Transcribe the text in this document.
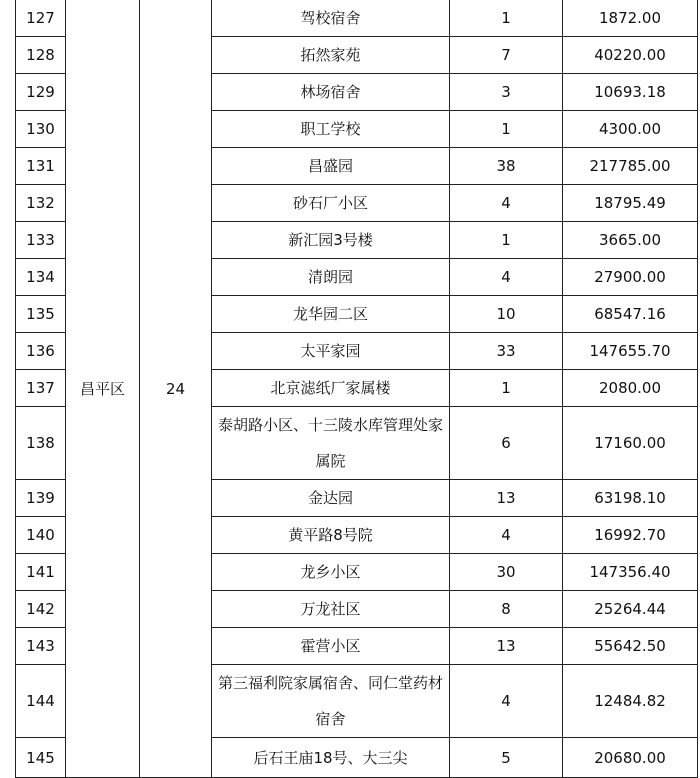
127	昌平区	24	驾校宿舍	1	1872.00
128			拓然家苑	7	40220.00
129			林场宿舍	3	10693.18
130			职工学校	1	4300.00
131			昌盛园	38	217785.00
132			砂石厂小区	4	18795.49
133			新汇园3号楼	1	3665.00
134			清朗园	4	27900.00
135			龙华园二区	10	68547.16
136			太平家园	33	147655.70
137			北京滤纸厂家属楼	1	2080.00
138			泰胡路小区、十三陵水库管理处家属院	6	17160.00
139			金达园	13	63198.10
140			黄平路8号院	4	16992.70
141			龙乡小区	30	147356.40
142			万龙社区	8	25264.44
143			霍营小区	13	55642.50
144			第三福利院家属宿舍、同仁堂药材宿舍	4	12484.82
145			后石王庙18号、大三尖	5	20680.00
